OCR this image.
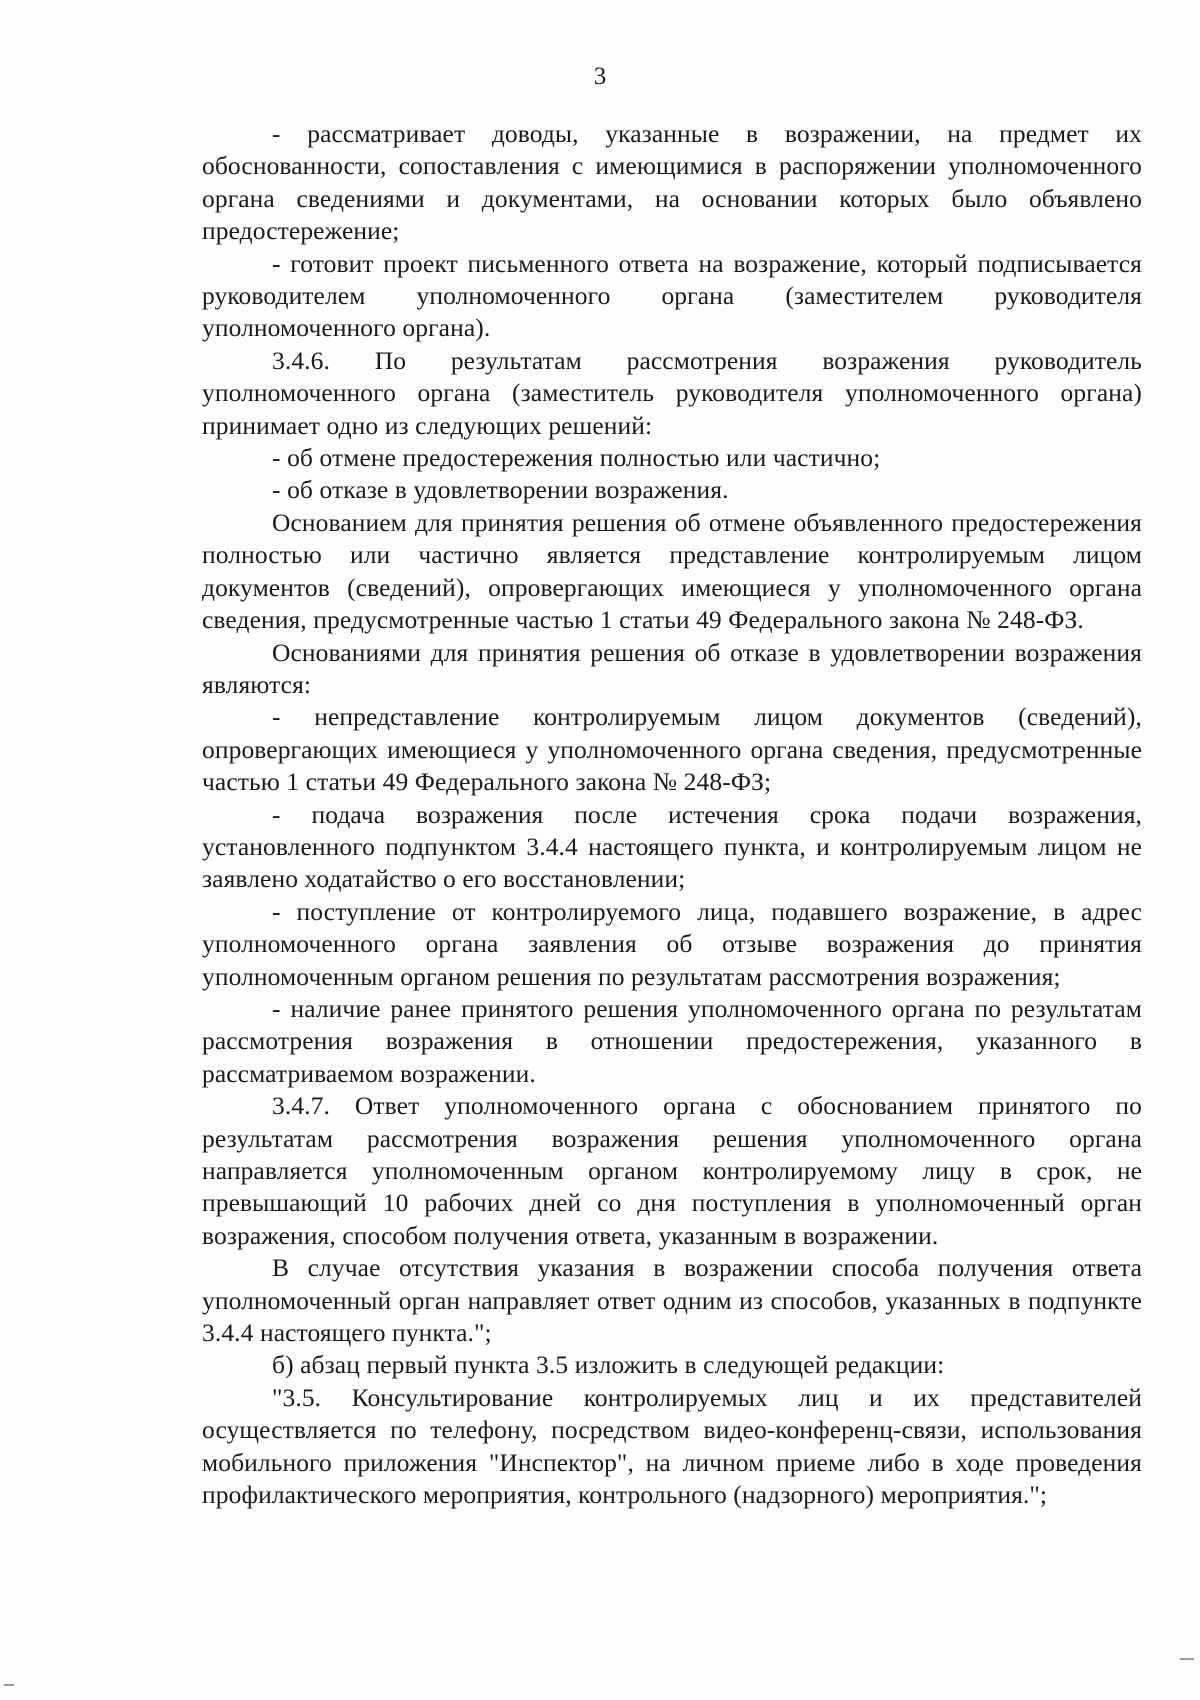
3

- рассматривает доводы, указанные в возражении, на предмет их обоснованности, сопоставления с имеющимися в распоряжении уполномоченного органа сведениями и документами, на основании которых было объявлено предостережение;

- готовит проект письменного ответа на возражение, который подписывается руководителем уполномоченного органа (заместителем руководителя уполномоченного органа).

3.4.6. По результатам рассмотрения возражения руководитель уполномоченного органа (заместитель руководителя уполномоченного органа) принимает одно из следующих решений:

- об отмене предостережения полностью или частично;

- об отказе в удовлетворении возражения.

Основанием для принятия решения об отмене объявленного предостережения полностью или частично является представление контролируемым лицом документов (сведений), опровергающих имеющиеся у уполномоченного органа сведения, предусмотренные частью 1 статьи 49 Федерального закона № 248-ФЗ.

Основаниями для принятия решения об отказе в удовлетворении возражения являются:

- непредставление контролируемым лицом документов (сведений), опровергающих имеющиеся у уполномоченного органа сведения, предусмотренные частью 1 статьи 49 Федерального закона № 248-ФЗ;

- подача возражения после истечения срока подачи возражения, установленного подпунктом 3.4.4 настоящего пункта, и контролируемым лицом не заявлено ходатайство о его восстановлении;

- поступление от контролируемого лица, подавшего возражение, в адрес уполномоченного органа заявления об отзыве возражения до принятия уполномоченным органом решения по результатам рассмотрения возражения;

- наличие ранее принятого решения уполномоченного органа по результатам рассмотрения возражения в отношении предостережения, указанного в рассматриваемом возражении.

3.4.7. Ответ уполномоченного органа с обоснованием принятого по результатам рассмотрения возражения решения уполномоченного органа направляется уполномоченным органом контролируемому лицу в срок, не превышающий 10 рабочих дней со дня поступления в уполномоченный орган возражения, способом получения ответа, указанным в возражении.

В случае отсутствия указания в возражении способа получения ответа уполномоченный орган направляет ответ одним из способов, указанных в подпункте 3.4.4 настоящего пункта.";

б) абзац первый пункта 3.5 изложить в следующей редакции:

"3.5. Консультирование контролируемых лиц и их представителей осуществляется по телефону, посредством видео-конференц-связи, использования мобильного приложения "Инспектор", на личном приеме либо в ходе проведения профилактического мероприятия, контрольного (надзорного) мероприятия.";
